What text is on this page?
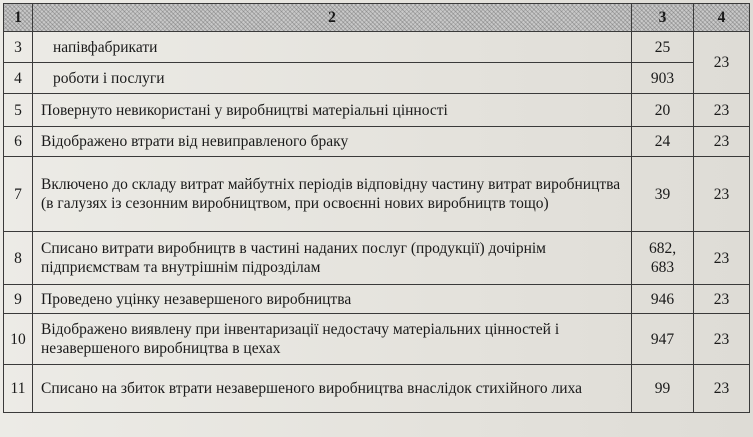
1	2	3	4
3	напівфабрикати	25	23
4	роботи і послуги	903	
5	Повернуто невикористані у виробництві матеріальні цінності	20	23
6	Відображено втрати від невиправленого браку	24	23
7	Включено до складу витрат майбутніх періодів відповідну частину витрат виробництва (в галузях із сезонним виробництвом, при освоєнні нових виробництв тощо)	39	23
8	Списано витрати виробництв в частині наданих послуг (продукції) дочірнім підприємствам та внутрішнім підрозділам	682, 683	23
9	Проведено уцінку незавершеного виробництва	946	23
10	Відображено виявлену при інвентаризації недостачу матеріальних цінностей і незавершеного виробництва в цехах	947	23
11	Списано на збиток втрати незавершеного виробництва внаслідок стихійного лиха	99	23
